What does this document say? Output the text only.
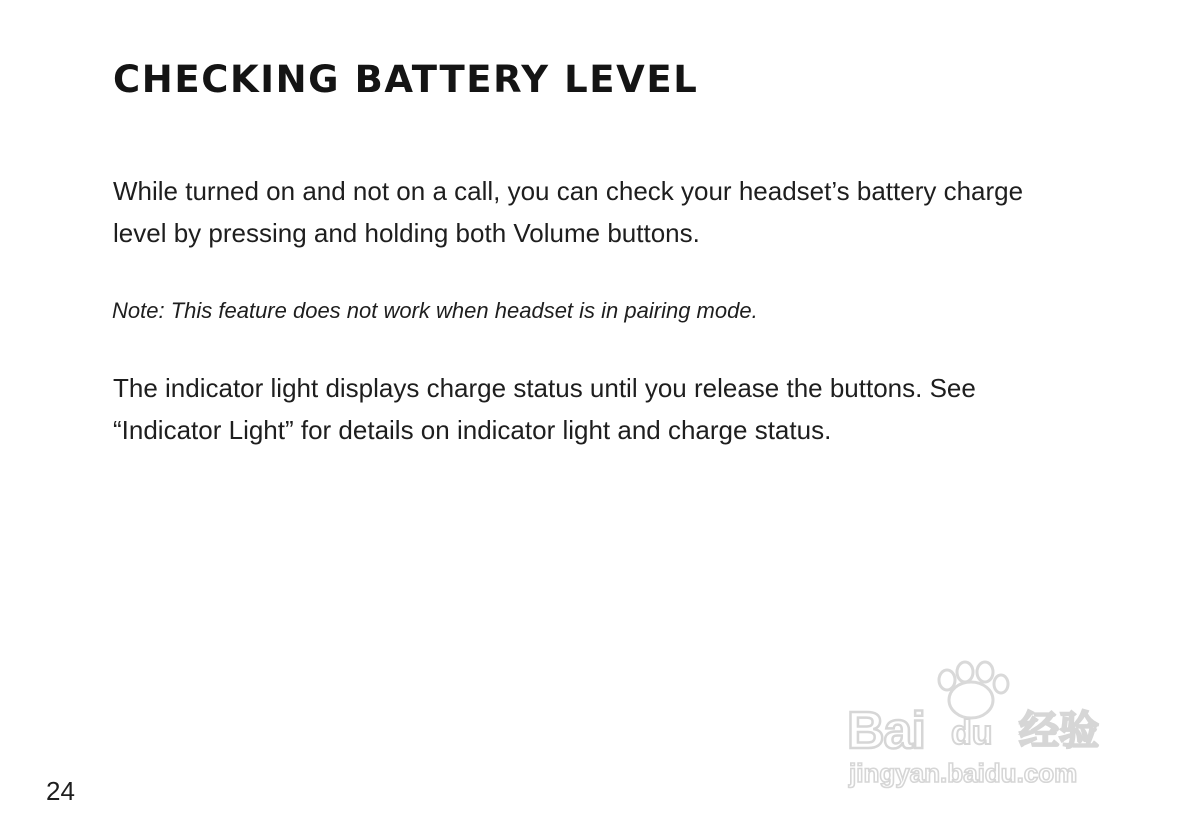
CHECKING BATTERY LEVEL

While turned on and not on a call, you can check your headset’s battery charge level by pressing and holding both Volume buttons.

Note: This feature does not work when headset is in pairing mode.

The indicator light displays charge status until you release the buttons. See “Indicator Light” for details on indicator light and charge status.

24
Bai du 经验
jingyan.baidu.com
